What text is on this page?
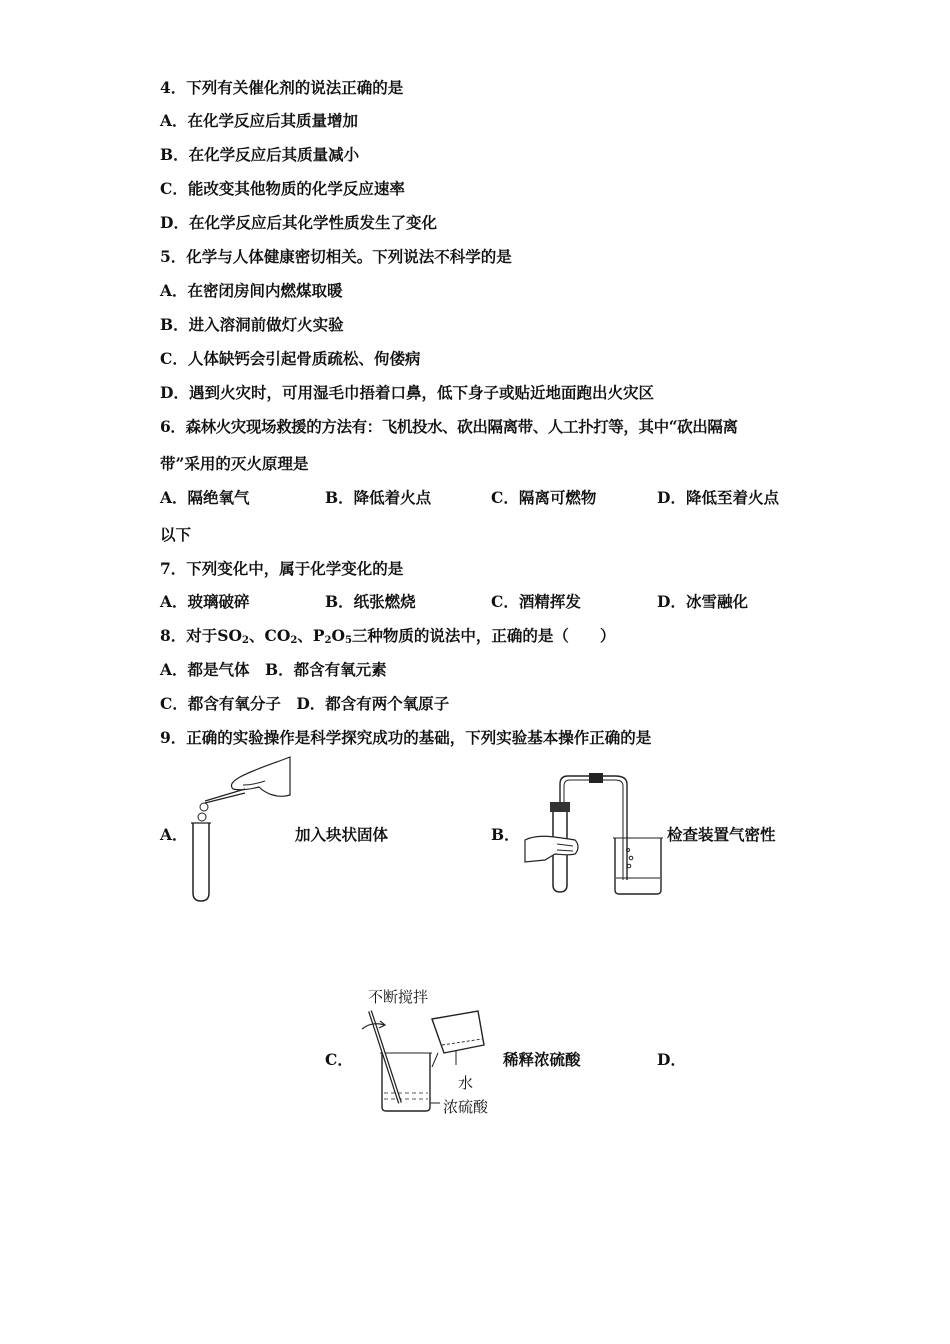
4．下列有关催化剂的说法正确的是
A．在化学反应后其质量增加
B．在化学反应后其质量减小
C．能改变其他物质的化学反应速率
D．在化学反应后其化学性质发生了变化
5．化学与人体健康密切相关。下列说法不科学的是
A．在密闭房间内燃煤取暖
B．进入溶洞前做灯火实验
C．人体缺钙会引起骨质疏松、佝偻病
D．遇到火灾时，可用湿毛巾捂着口鼻，低下身子或贴近地面跑出火灾区
6．森林火灾现场救援的方法有：飞机投水、砍出隔离带、人工扑打等，其中“砍出隔离
带”采用的灭火原理是
A．隔绝氧气	B．降低着火点	C．隔离可燃物	D．降低至着火点
以下
7．下列变化中，属于化学变化的是
A．玻璃破碎	B．纸张燃烧	C．酒精挥发	D．冰雪融化
8．对于$SO_2$、$CO_2$、$P_2O_5$三种物质的说法中，正确的是（　　）
A．都是气体　B．都含有氧元素
C．都含有氧分子　D．都含有两个氧原子
9．正确的实验操作是科学探究成功的基础，下列实验基本操作正确的是
A．	加入块状固体	B．	检查装置气密性
C．
不断搅拌
水
浓硫酸
稀释浓硫酸	D．
